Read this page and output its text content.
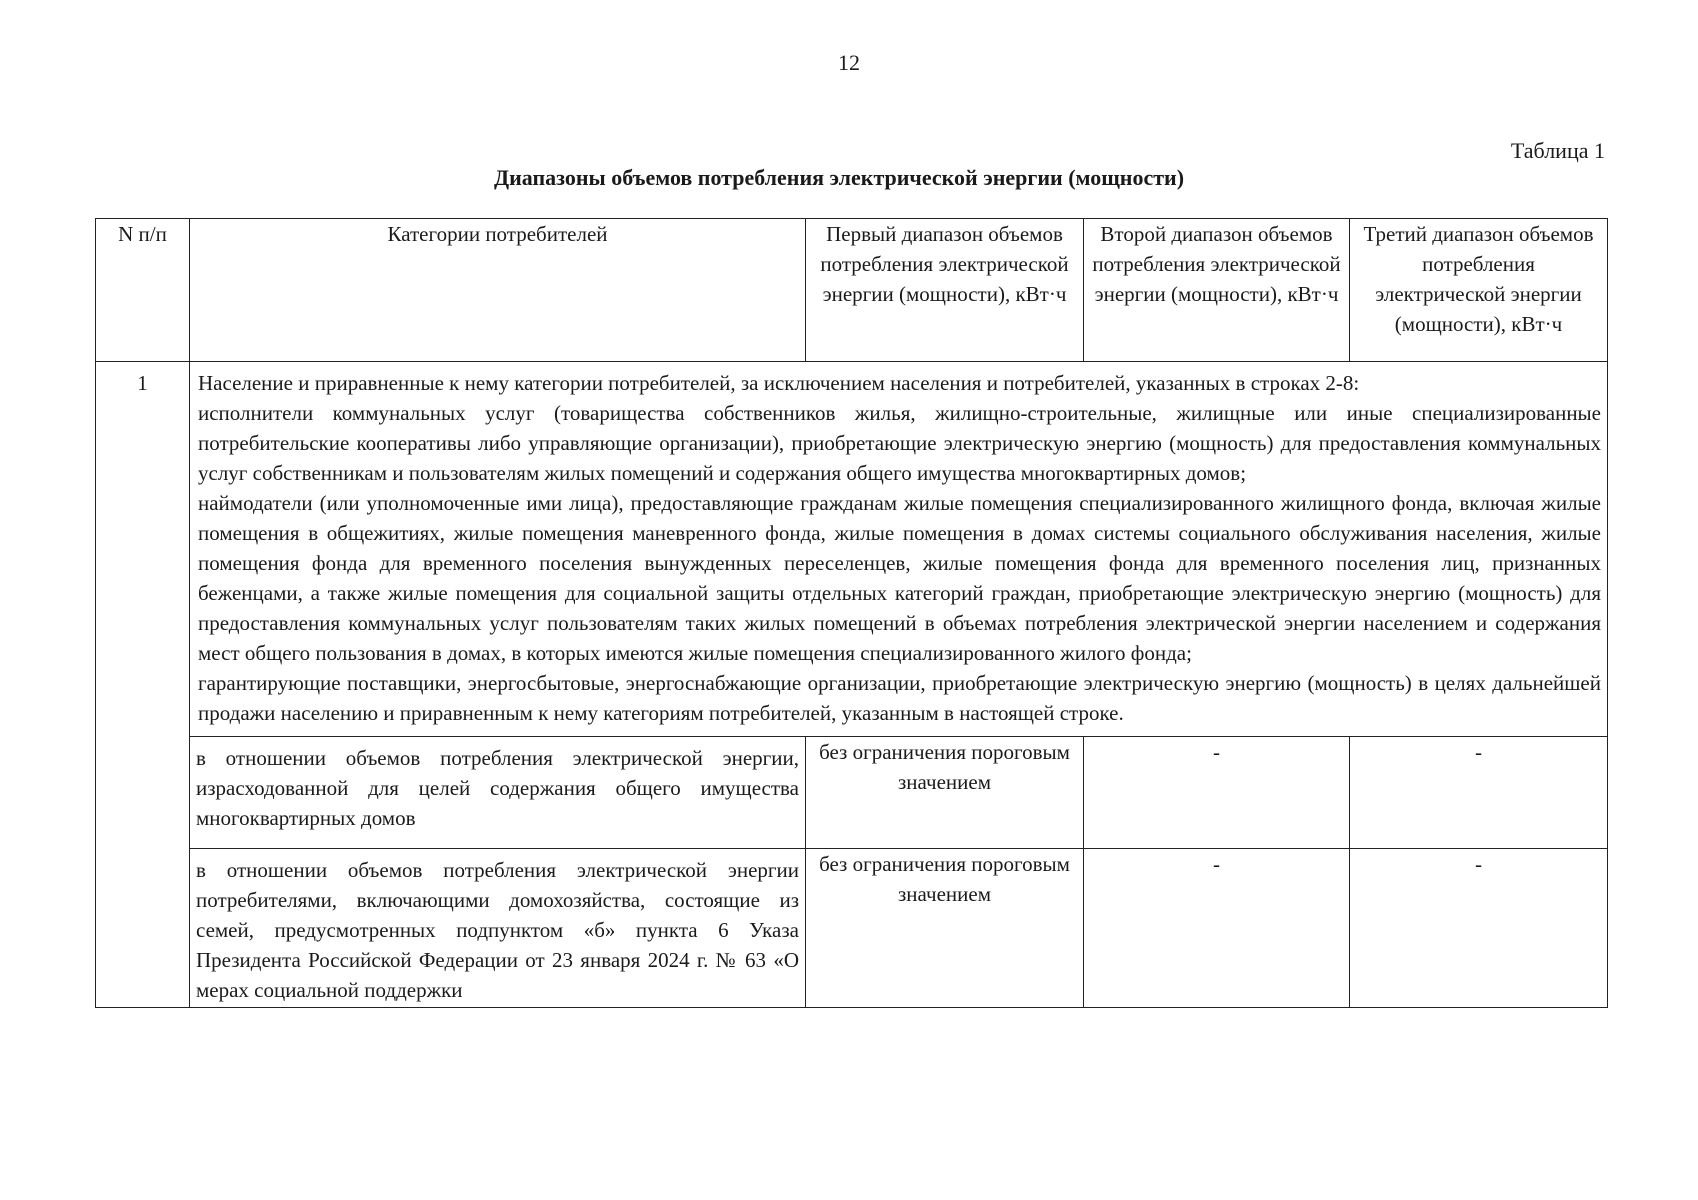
12
Таблица 1
Диапазоны объемов потребления электрической энергии (мощности)
N п/п	Категории потребителей	Первый диапазон объемов потребления электрической энергии (мощности), кВт·ч	Второй диапазон объемов потребления электрической энергии (мощности), кВт·ч	Третий диапазон объемов потребления электрической энергии (мощности), кВт·ч
1	Население и приравненные к нему категории потребителей, за исключением населения и потребителей, указанных в строках 2-8:

исполнители коммунальных услуг (товарищества собственников жилья, жилищно-строительные, жилищные или иные специализированные потребительские кооперативы либо управляющие организации), приобретающие электрическую энергию (мощность) для предоставления коммунальных услуг собственникам и пользователям жилых помещений и содержания общего имущества многоквартирных домов;

наймодатели (или уполномоченные ими лица), предоставляющие гражданам жилые помещения специализированного жилищного фонда, включая жилые помещения в общежитиях, жилые помещения маневренного фонда, жилые помещения в домах системы социального обслуживания населения, жилые помещения фонда для временного поселения вынужденных переселенцев, жилые помещения фонда для временного поселения лиц, признанных беженцами, а также жилые помещения для социальной защиты отдельных категорий граждан, приобретающие электрическую энергию (мощность) для предоставления коммунальных услуг пользователям таких жилых помещений в объемах потребления электрической энергии населением и содержания мест общего пользования в домах, в которых имеются жилые помещения специализированного жилого фонда;

гарантирующие поставщики, энергосбытовые, энергоснабжающие организации, приобретающие электрическую энергию (мощность) в целях дальнейшей продажи населению и приравненным к нему категориям потребителей, указанным в настоящей строке.			

	в отношении объемов потребления электрической энергии, израсходованной для целей содержания общего имущества многоквартирных домов	без ограничения пороговым значением	-	-

	в отношении объемов потребления электрической энергии потребителями, включающими домохозяйства, состоящие из семей, предусмотренных подпунктом «б» пункта 6 Указа Президента Российской Федерации от 23 января 2024 г. № 63 «О мерах социальной поддержки	без ограничения пороговым значением	-	-
